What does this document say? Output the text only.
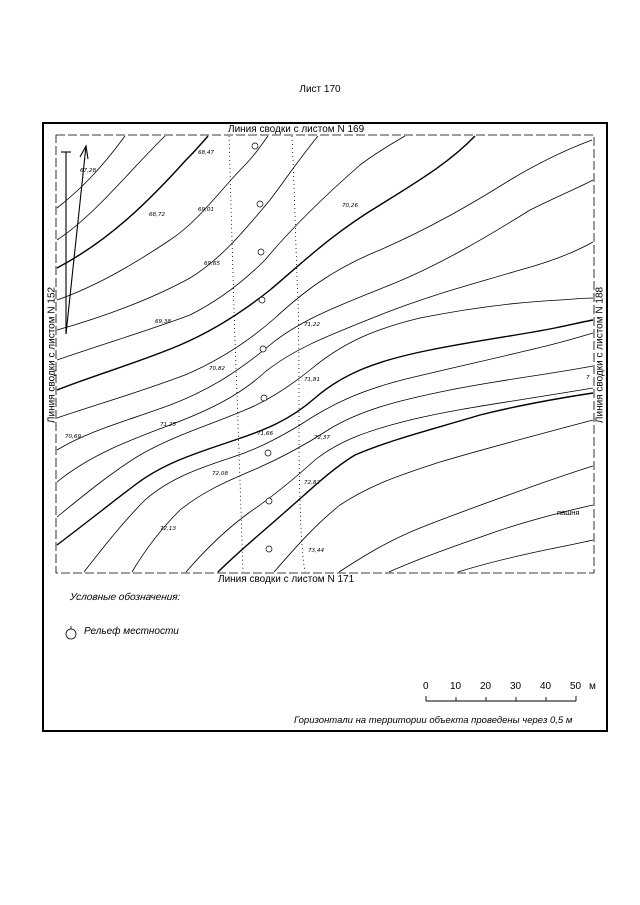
Лист 170
68,47
67,28
68,72
69,01
70,26
69,65
69,38	71,22
70,82
71,81
70,69
71,25
71,66
72,37
72,08
72,82
72,13
73,44
7
Линия сводки с листом N 169
Линия сводки с листом N 171
Линия сводки с листом N 152	Линия сводки с листом N 188
пашня
Условные обозначения:
Рельеф местности
0 10 20 30 40 50 м
Горизонтали на территории объекта проведены через 0,5 м
